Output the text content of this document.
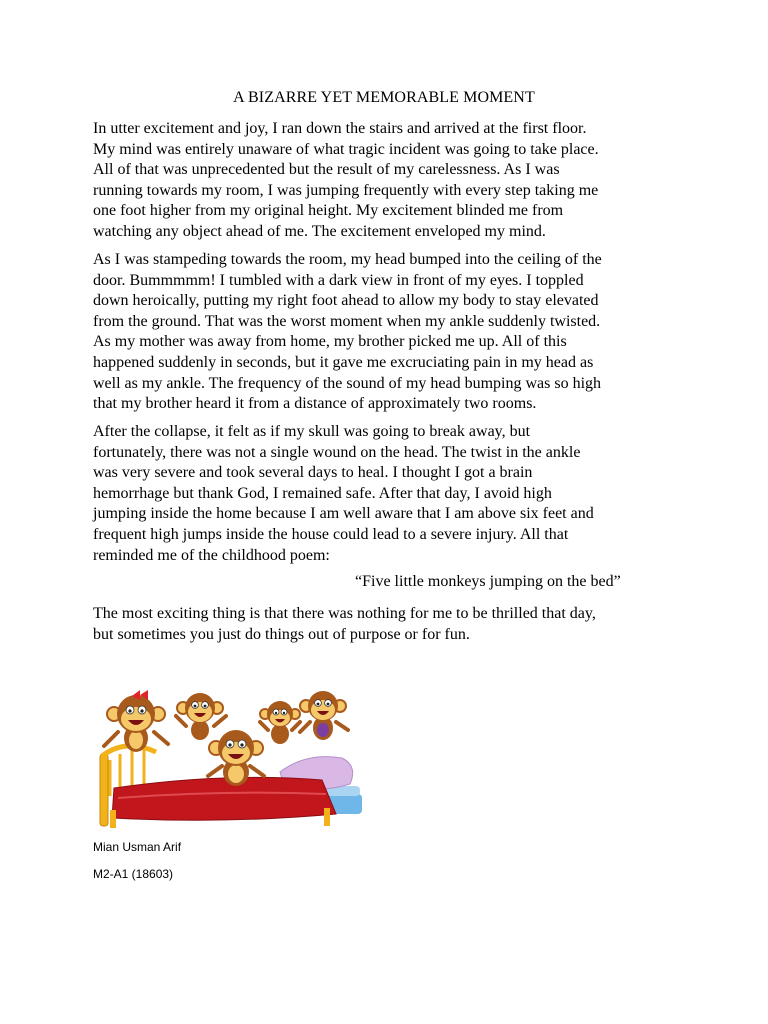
A BIZARRE YET MEMORABLE MOMENT
In utter excitement and joy, I ran down the stairs and arrived at the first floor.
My mind was entirely unaware of what tragic incident was going to take place.
All of that was unprecedented but the result of my carelessness. As I was
running towards my room, I was jumping frequently with every step taking me
one foot higher from my original height. My excitement blinded me from
watching any object ahead of me. The excitement enveloped my mind.
As I was stampeding towards the room, my head bumped into the ceiling of the
door. Bummmmm! I tumbled with a dark view in front of my eyes. I toppled
down heroically, putting my right foot ahead to allow my body to stay elevated
from the ground. That was the worst moment when my ankle suddenly twisted.
As my mother was away from home, my brother picked me up. All of this
happened suddenly in seconds, but it gave me excruciating pain in my head as
well as my ankle. The frequency of the sound of my head bumping was so high
that my brother heard it from a distance of approximately two rooms.
After the collapse, it felt as if my skull was going to break away, but
fortunately, there was not a single wound on the head. The twist in the ankle
was very severe and took several days to heal. I thought I got a brain
hemorrhage but thank God, I remained safe. After that day, I avoid high
jumping inside the home because I am well aware that I am above six feet and
frequent high jumps inside the house could lead to a severe injury. All that
reminded me of the childhood poem:
“Five little monkeys jumping on the bed”
The most exciting thing is that there was nothing for me to be thrilled that day,
but sometimes you just do things out of purpose or for fun.
Mian Usman Arif
M2-A1 (18603)
